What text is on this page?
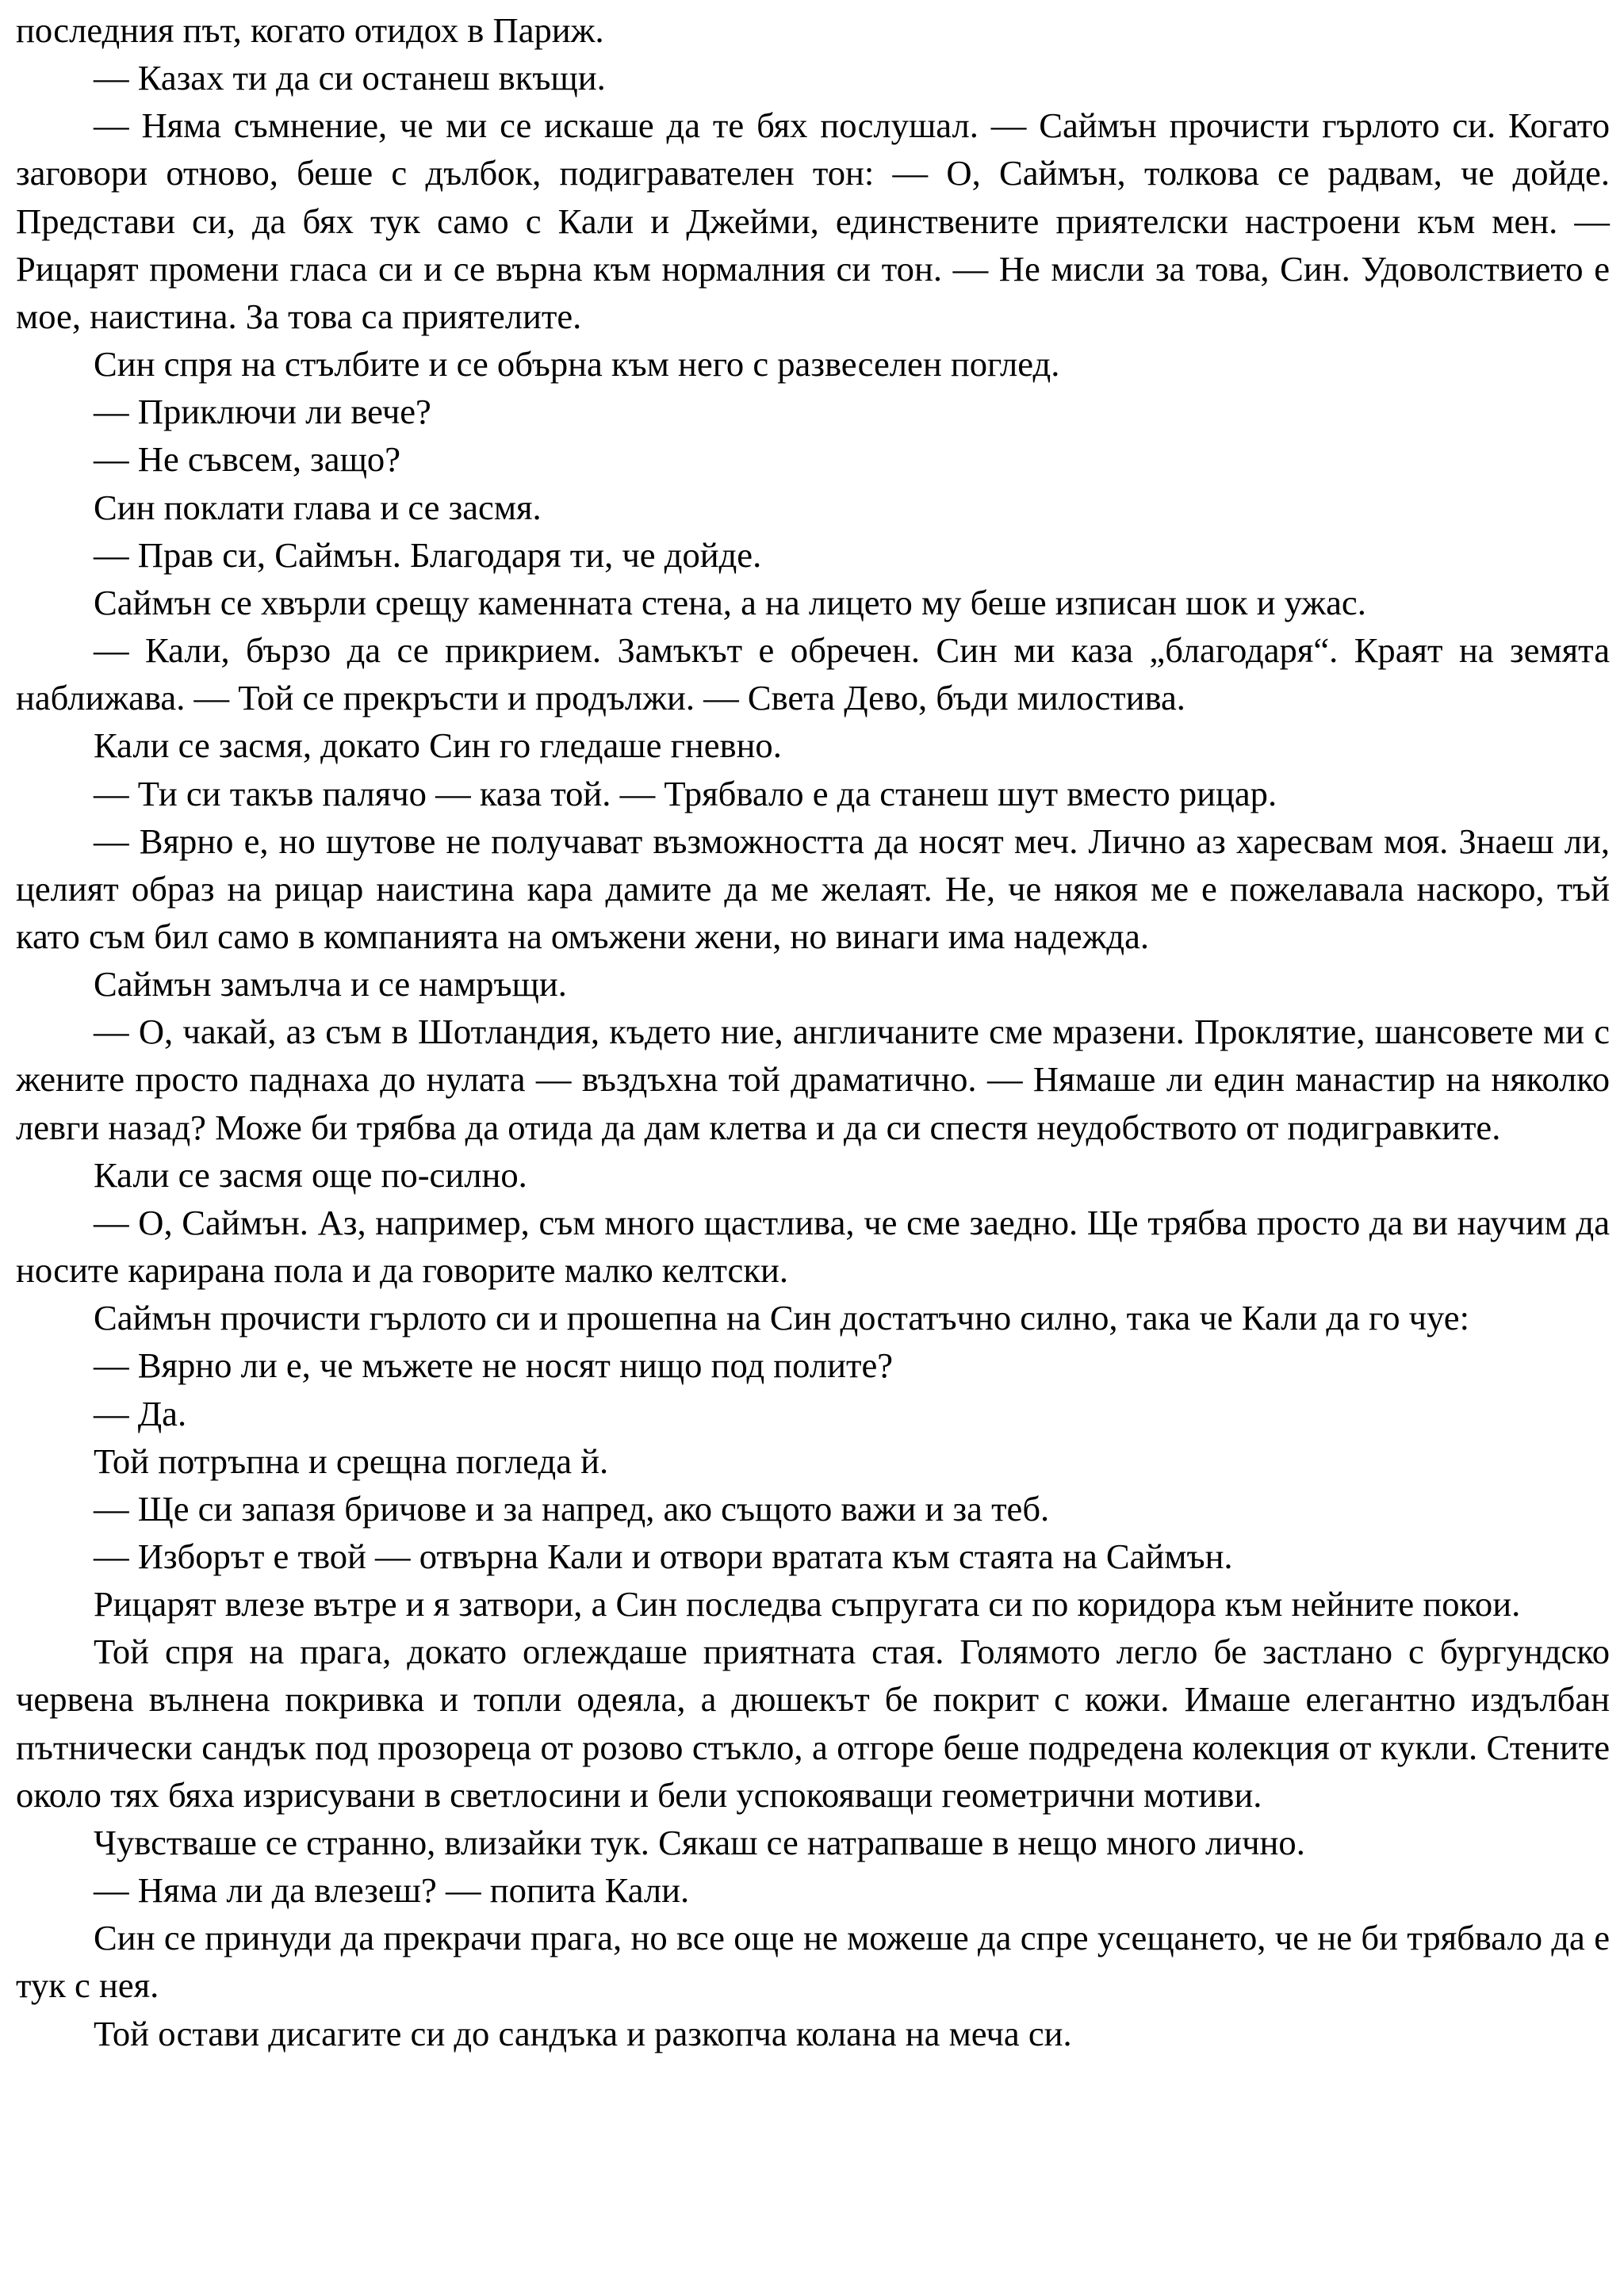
последния път, когато отидох в Париж.

— Казах ти да си останеш вкъщи.

— Няма съмнение, че ми се искаше да те бях послушал. — Саймън прочисти гърлото си. Когато заговори отново, беше с дълбок, подигравателен тон: — О, Саймън, толкова се радвам, че дойде. Представи си, да бях тук само с Кали и Джейми, единствените приятелски настроени към мен. — Рицарят промени гласа си и се върна към нормалния си тон. — Не мисли за това, Син. Удоволствието е мое, наистина. За това са приятелите.

Син спря на стълбите и се обърна към него с развеселен поглед.

— Приключи ли вече?

— Не съвсем, защо?

Син поклати глава и се засмя.

— Прав си, Саймън. Благодаря ти, че дойде.

Саймън се хвърли срещу каменната стена, а на лицето му беше изписан шок и ужас.

— Кали, бързо да се прикрием. Замъкът е обречен. Син ми каза „благодаря“. Краят на земята наближава. — Той се прекръсти и продължи. — Света Дево, бъди милостива.

Кали се засмя, докато Син го гледаше гневно.

— Ти си такъв палячо — каза той. — Трябвало е да станеш шут вместо рицар.

— Вярно е, но шутове не получават възможността да носят меч. Лично аз харесвам моя. Знаеш ли, целият образ на рицар наистина кара дамите да ме желаят. Не, че някоя ме е пожелавала наскоро, тъй като съм бил само в компанията на омъжени жени, но винаги има надежда.

Саймън замълча и се намръщи.

— О, чакай, аз съм в Шотландия, където ние, англичаните сме мразени. Проклятие, шансовете ми с жените просто паднаха до нулата — въздъхна той драматично. — Нямаше ли един манастир на няколко левги назад? Може би трябва да отида да дам клетва и да си спестя неудобството от подигравките.

Кали се засмя още по-силно.

— О, Саймън. Аз, например, съм много щастлива, че сме заедно. Ще трябва просто да ви научим да носите карирана пола и да говорите малко келтски.

Саймън прочисти гърлото си и прошепна на Син достатъчно силно, така че Кали да го чуе:

— Вярно ли е, че мъжете не носят нищо под полите?

— Да.

Той потръпна и срещна погледа й.

— Ще си запазя бричове и за напред, ако същото важи и за теб.

— Изборът е твой — отвърна Кали и отвори вратата към стаята на Саймън.

Рицарят влезе вътре и я затвори, а Син последва съпругата си по коридора към нейните покои.

Той спря на прага, докато оглеждаше приятната стая. Голямото легло бе застлано с бургундско червена вълнена покривка и топли одеяла, а дюшекът бе покрит с кожи. Имаше елегантно издълбан пътнически сандък под прозореца от розово стъкло, а отгоре беше подредена колекция от кукли. Стените около тях бяха изрисувани в светлосини и бели успокояващи геометрични мотиви.

Чувстваше се странно, влизайки тук. Сякаш се натрапваше в нещо много лично.

— Няма ли да влезеш? — попита Кали.

Син се принуди да прекрачи прага, но все още не можеше да спре усещането, че не би трябвало да е тук с нея.

Той остави дисагите си до сандъка и разкопча колана на меча си.
